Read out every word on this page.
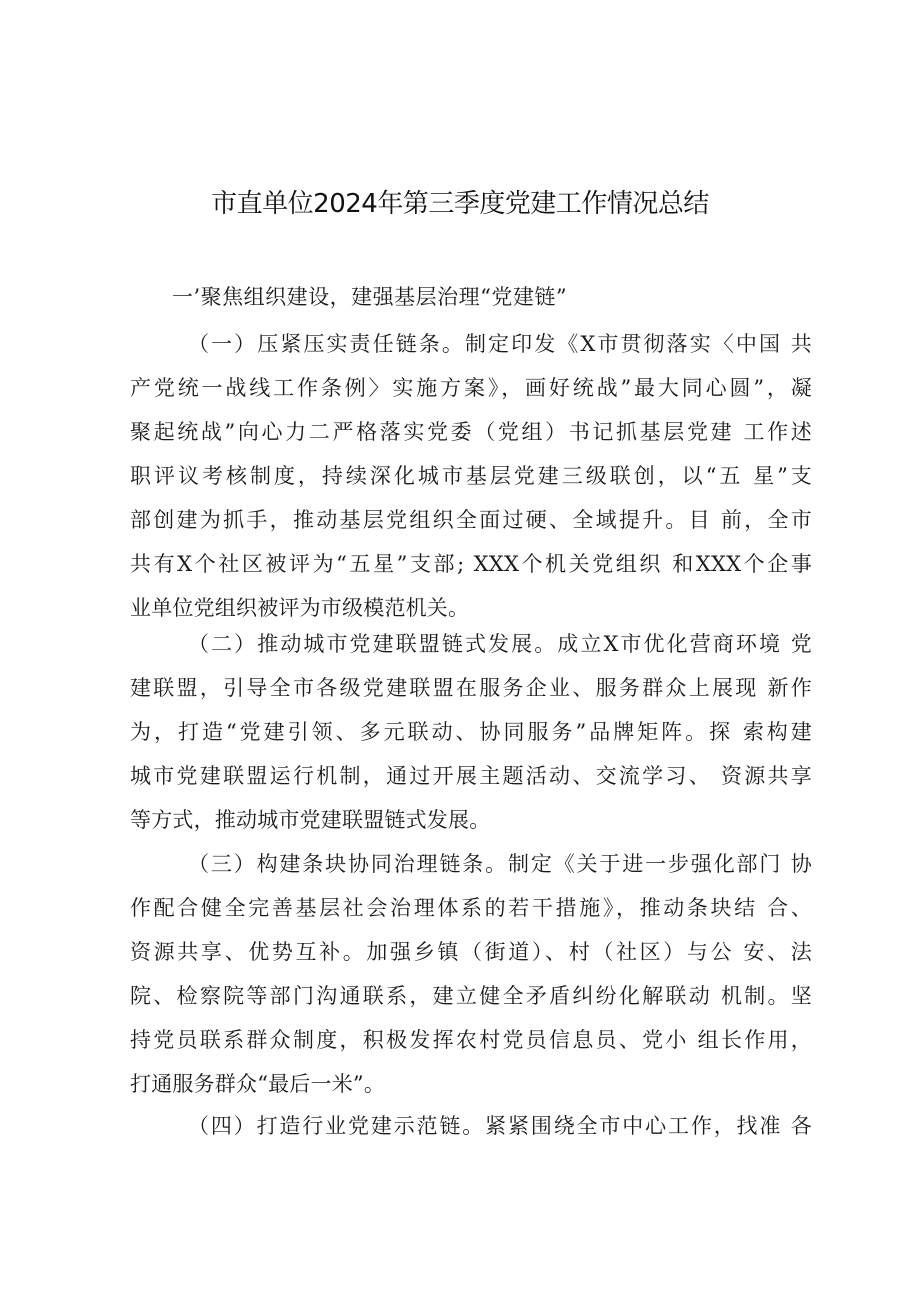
市直单位2024年第三季度党建工作情况总结

一’聚焦组织建设，建强基层治理“党建链”

（一）压紧压实责任链条。制定印发《X市贯彻落实〈中国 共
产党统一战线工作条例〉实施方案》，画好统战”最大同心圆”，凝
聚起统战”向心力二严格落实党委（党组）书记抓基层党建 工作述
职评议考核制度，持续深化城市基层党建三级联创，以“五 星”支
部创建为抓手，推动基层党组织全面过硬、全域提升。目 前，全市
共有X个社区被评为“五星”支部; XXX个机关党组织 和XXX个企事
业单位党组织被评为市级模范机关。
（二）推动城市党建联盟链式发展。成立X市优化营商环境 党
建联盟，引导全市各级党建联盟在服务企业、服务群众上展现 新作
为，打造“党建引领、多元联动、协同服务”品牌矩阵。探 索构建
城市党建联盟运行机制，通过开展主题活动、交流学习、 资源共享
等方式，推动城市党建联盟链式发展。
（三）构建条块协同治理链条。制定《关于进一步强化部门 协
作配合健全完善基层社会治理体系的若干措施》，推动条块结 合、
资源共享、优势互补。加强乡镇（街道）、村（社区）与公 安、法
院、检察院等部门沟通联系，建立健全矛盾纠纷化解联动 机制。坚
持党员联系群众制度，积极发挥农村党员信息员、党小 组长作用，
打通服务群众“最后一米”。
（四）打造行业党建示范链。紧紧围绕全市中心工作，找准 各
